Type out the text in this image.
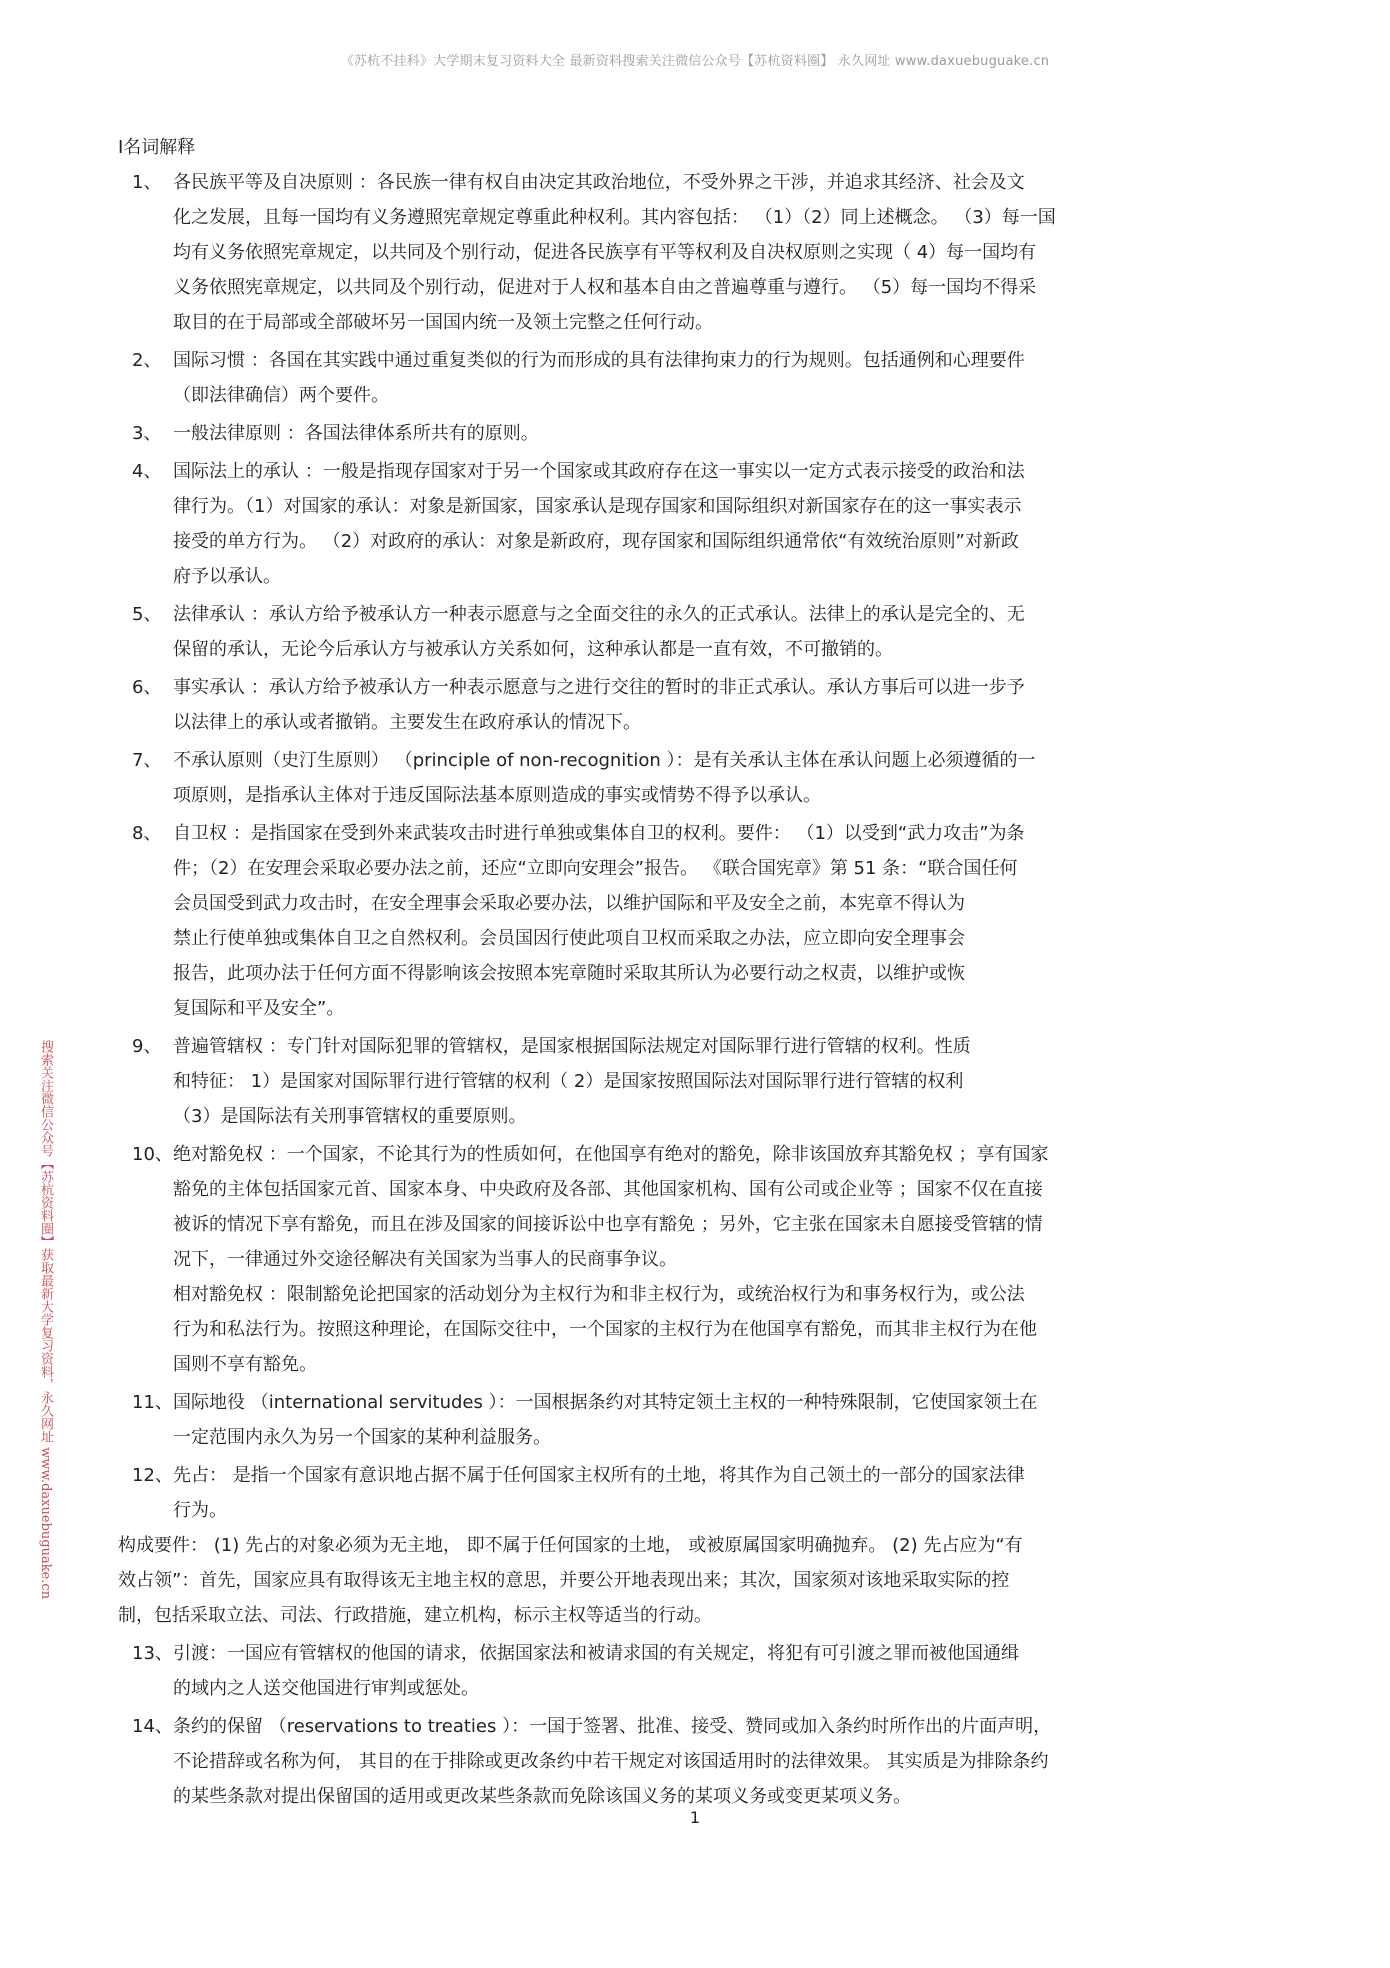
《苏杭不挂科》大学期末复习资料大全 最新资料搜索关注微信公众号【苏杭资料圈】 永久网址 www.daxuebuguake.cn
搜索关注微信公众号【苏杭资料圈】获取最新大学复习资料，永久网址 www.daxuebuguake.cn
Ⅰ名词解释
1、 各民族平等及自决原则 ：各民族一律有权自由决定其政治地位，不受外界之干涉，并追求其经济、社会及文
化之发展，且每一国均有义务遵照宪章规定尊重此种权利。其内容包括： （1）（2）同上述概念。 （3）每一国
均有义务依照宪章规定，以共同及个别行动，促进各民族享有平等权利及自决权原则之实现（ 4）每一国均有
义务依照宪章规定，以共同及个别行动，促进对于人权和基本自由之普遍尊重与遵行。 （5）每一国均不得采
取目的在于局部或全部破坏另一国国内统一及领土完整之任何行动。
2、 国际习惯 ：各国在其实践中通过重复类似的行为而形成的具有法律拘束力的行为规则。包括通例和心理要件
（即法律确信）两个要件。
3、 一般法律原则 ：各国法律体系所共有的原则。
4、 国际法上的承认 ：一般是指现存国家对于另一个国家或其政府存在这一事实以一定方式表示接受的政治和法
律行为。（1）对国家的承认：对象是新国家，国家承认是现存国家和国际组织对新国家存在的这一事实表示
接受的单方行为。 （2）对政府的承认：对象是新政府，现存国家和国际组织通常依“有效统治原则”对新政
府予以承认。
5、 法律承认 ：承认方给予被承认方一种表示愿意与之全面交往的永久的正式承认。法律上的承认是完全的、无
保留的承认，无论今后承认方与被承认方关系如何，这种承认都是一直有效，不可撤销的。
6、 事实承认 ：承认方给予被承认方一种表示愿意与之进行交往的暂时的非正式承认。承认方事后可以进一步予
以法律上的承认或者撤销。主要发生在政府承认的情况下。
7、 不承认原则（史汀生原则） （principle of non-recognition ）：是有关承认主体在承认问题上必须遵循的一
项原则，是指承认主体对于违反国际法基本原则造成的事实或情势不得予以承认。
8、 自卫权 ：是指国家在受到外来武装攻击时进行单独或集体自卫的权利。要件： （1）以受到“武力攻击”为条
件；（2）在安理会采取必要办法之前，还应“立即向安理会”报告。 《联合国宪章》第 51 条：“联合国任何
会员国受到武力攻击时，在安全理事会采取必要办法，以维护国际和平及安全之前，本宪章不得认为
禁止行使单独或集体自卫之自然权利。会员国因行使此项自卫权而采取之办法，应立即向安全理事会
报告，此项办法于任何方面不得影响该会按照本宪章随时采取其所认为必要行动之权责，以维护或恢
复国际和平及安全”。
9、 普遍管辖权 ：专门针对国际犯罪的管辖权，是国家根据国际法规定对国际罪行进行管辖的权利。性质
和特征： 1）是国家对国际罪行进行管辖的权利（ 2）是国家按照国际法对国际罪行进行管辖的权利
（3）是国际法有关刑事管辖权的重要原则。
10、 绝对豁免权 ：一个国家，不论其行为的性质如何，在他国享有绝对的豁免，除非该国放弃其豁免权 ；享有国家
豁免的主体包括国家元首、国家本身、中央政府及各部、其他国家机构、国有公司或企业等 ；国家不仅在直接
被诉的情况下享有豁免，而且在涉及国家的间接诉讼中也享有豁免 ；另外，它主张在国家未自愿接受管辖的情
况下，一律通过外交途径解决有关国家为当事人的民商事争议。
相对豁免权 ：限制豁免论把国家的活动划分为主权行为和非主权行为，或统治权行为和事务权行为，或公法
行为和私法行为。按照这种理论，在国际交往中，一个国家的主权行为在他国享有豁免，而其非主权行为在他
国则不享有豁免。
11、 国际地役 （international servitudes ）：一国根据条约对其特定领土主权的一种特殊限制，它使国家领土在
一定范围内永久为另一个国家的某种利益服务。
12、 先占： 是指一个国家有意识地占据不属于任何国家主权所有的土地，将其作为自己领土的一部分的国家法律
行为。
构成要件： (1) 先占的对象必须为无主地， 即不属于任何国家的土地， 或被原属国家明确抛弃。 (2) 先占应为“有
效占领”：首先，国家应具有取得该无主地主权的意思，并要公开地表现出来；其次，国家须对该地采取实际的控
制，包括采取立法、司法、行政措施，建立机构，标示主权等适当的行动。
13、 引渡：一国应有管辖权的他国的请求，依据国家法和被请求国的有关规定，将犯有可引渡之罪而被他国通缉
的域内之人送交他国进行审判或惩处。
14、 条约的保留 （reservations to treaties ）：一国于签署、批准、接受、赞同或加入条约时所作出的片面声明，
不论措辞或名称为何， 其目的在于排除或更改条约中若干规定对该国适用时的法律效果。 其实质是为排除条约
的某些条款对提出保留国的适用或更改某些条款而免除该国义务的某项义务或变更某项义务。
1
